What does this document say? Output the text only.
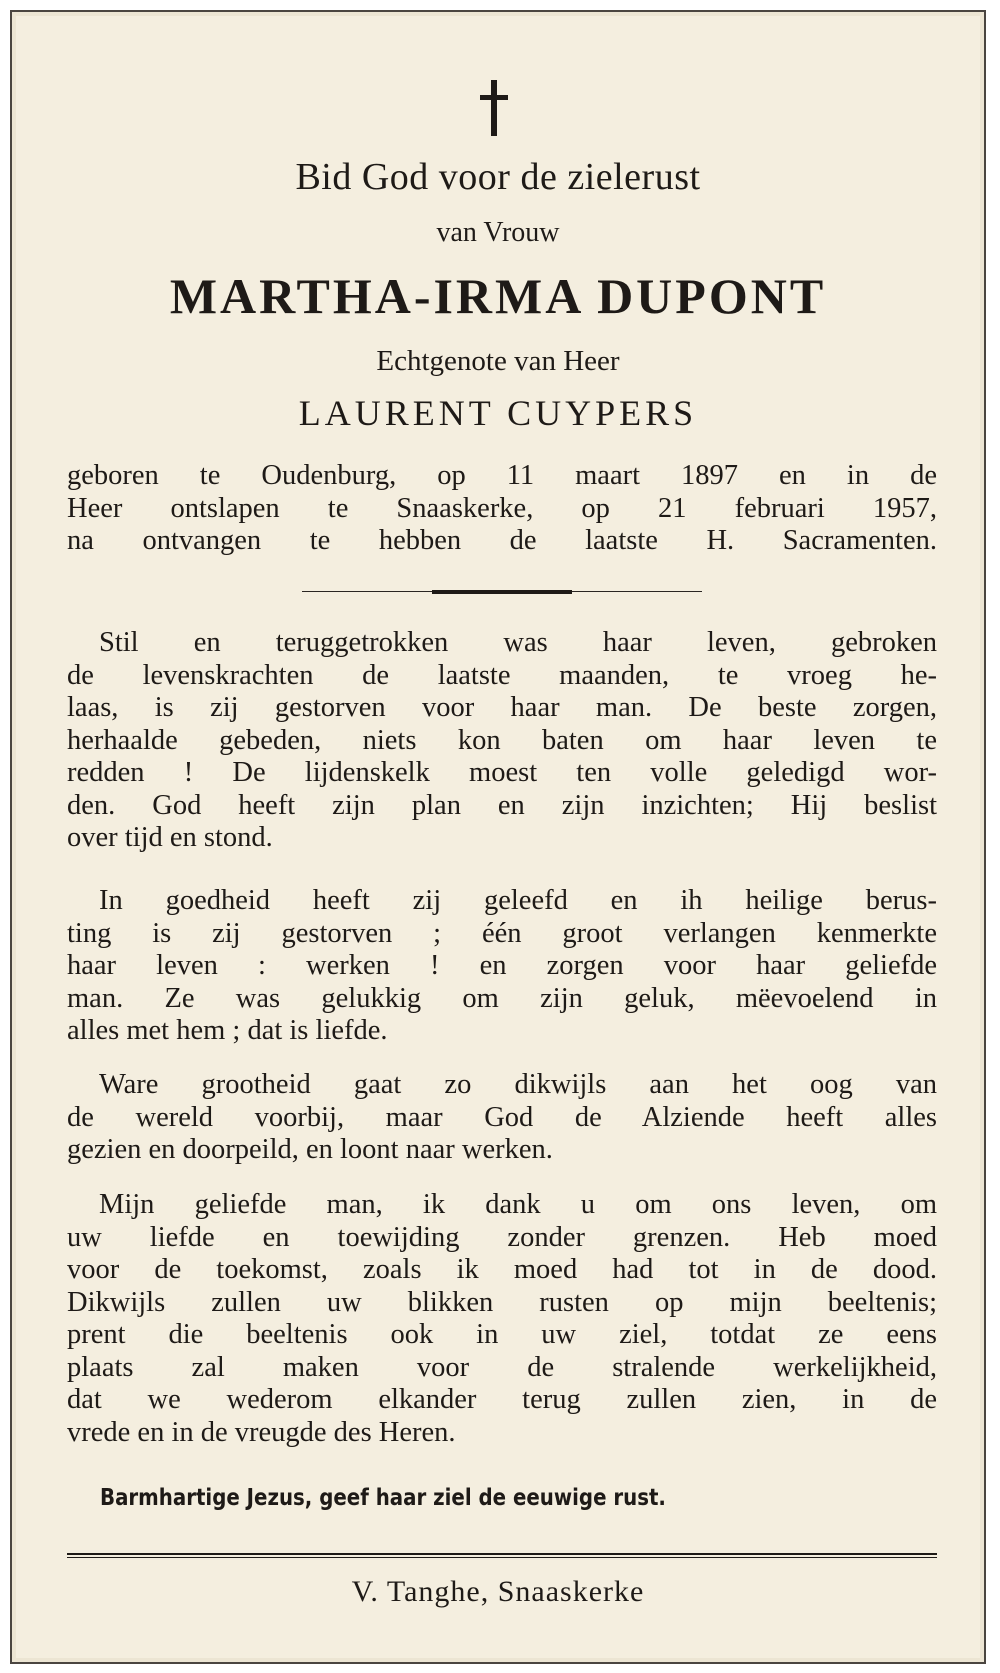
Bid God voor de zielerust
van Vrouw
MARTHA-IRMA DUPONT
Echtgenote van Heer
LAURENT CUYPERS
geboren te Oudenburg, op 11 maart 1897 en in de
Heer ontslapen te Snaaskerke, op 21 februari 1957,
na ontvangen te hebben de laatste H. Sacramenten.
Stil en teruggetrokken was haar leven, gebroken
de levenskrachten de laatste maanden, te vroeg he-
laas, is zij gestorven voor haar man. De beste zorgen,
herhaalde gebeden, niets kon baten om haar leven te
redden ! De lijdenskelk moest ten volle geledigd wor-
den. God heeft zijn plan en zijn inzichten; Hij beslist
over tijd en stond.
In goedheid heeft zij geleefd en ih heilige berus-
ting is zij gestorven ; één groot verlangen kenmerkte
haar leven : werken ! en zorgen voor haar geliefde
man. Ze was gelukkig om zijn geluk, mëevoelend in
alles met hem ; dat is liefde.
Ware grootheid gaat zo dikwijls aan het oog van
de wereld voorbij, maar God de Alziende heeft alles
gezien en doorpeild, en loont naar werken.
Mijn geliefde man, ik dank u om ons leven, om
uw liefde en toewijding zonder grenzen. Heb moed
voor de toekomst, zoals ik moed had tot in de dood.
Dikwijls zullen uw blikken rusten op mijn beeltenis;
prent die beeltenis ook in uw ziel, totdat ze eens
plaats zal maken voor de stralende werkelijkheid,
dat we wederom elkander terug zullen zien, in de
vrede en in de vreugde des Heren.
Barmhartige Jezus, geef haar ziel de eeuwige rust.
V. Tanghe, Snaaskerke
